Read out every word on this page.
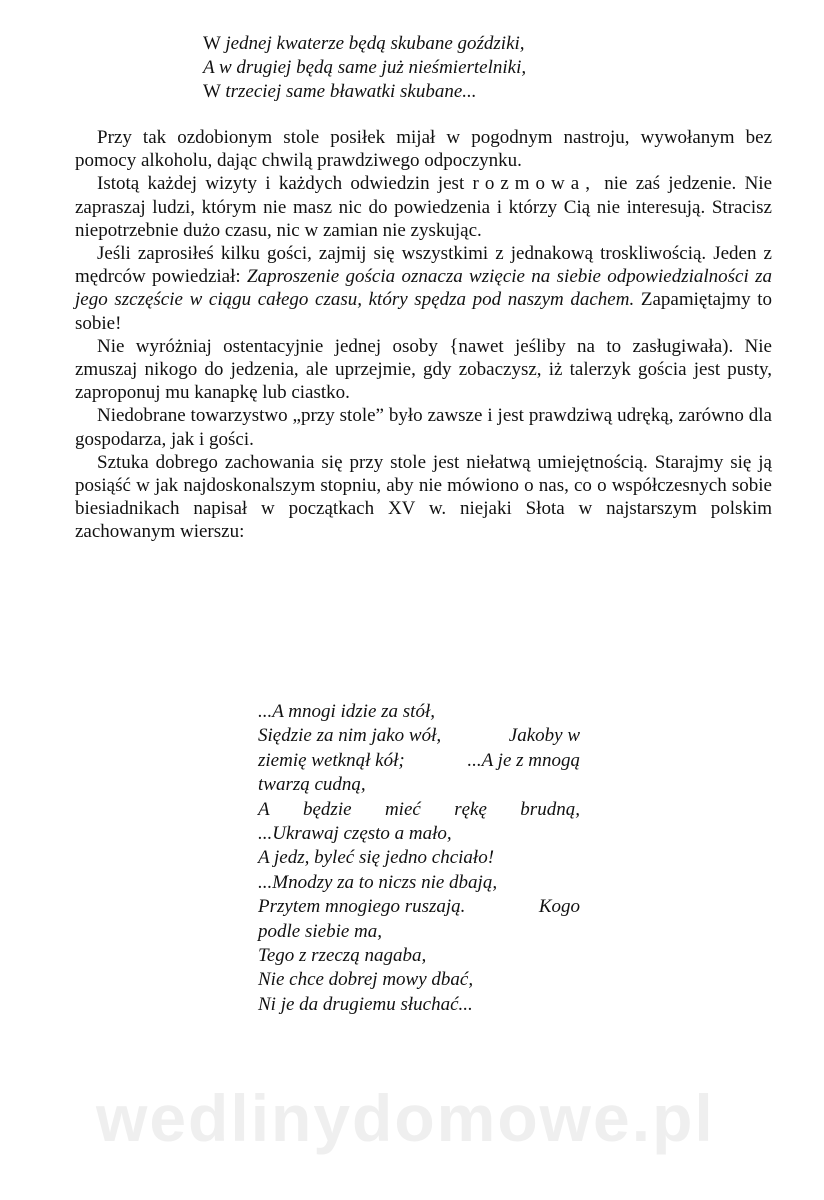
W jednej kwaterze będą skubane goździki,
A w drugiej będą same już nieśmiertelniki,
W trzeciej same bławatki skubane...

Przy tak ozdobionym stole posiłek mijał w pogodnym nastroju, wywołanym bez pomocy alkoholu, dając chwilą prawdziwego odpoczynku.

Istotą każdej wizyty i każdych odwiedzin jest rozmowa, nie zaś jedzenie. Nie zapraszaj ludzi, którym nie masz nic do powiedzenia i którzy Cią nie interesują. Stracisz niepotrzebnie dużo czasu, nic w zamian nie zyskując.

Jeśli zaprosiłeś kilku gości, zajmij się wszystkimi z jednakową troskliwością. Jeden z mędrców powiedział: Zaproszenie gościa oznacza wzięcie na siebie odpowiedzialności za jego szczęście w ciągu całego czasu, który spędza pod naszym dachem. Zapamiętajmy to sobie!

Nie wyróżniaj ostentacyjnie jednej osoby {nawet jeśliby na to zasługiwała). Nie zmuszaj nikogo do jedzenia, ale uprzejmie, gdy zobaczysz, iż talerzyk gościa jest pusty, zaproponuj mu kanapkę lub ciastko.

Niedobrane towarzystwo „przy stole” było zawsze i jest prawdziwą udręką, zarówno dla gospodarza, jak i gości.

Sztuka dobrego zachowania się przy stole jest niełatwą umiejętnością. Starajmy się ją posiąść w jak najdoskonalszym stopniu, aby nie mówiono o nas, co o współczesnych sobie biesiadnikach napisał w początkach XV w. niejaki Słota w najstarszym polskim zachowanym wierszu:

...A mnogi idzie za stół,
Siędzie za nim jako wół,	Jakoby w
ziemię wetknął kół;	...A je z mnogą
twarzą cudną,
A będzie mieć rękę brudną,
...Ukrawaj często a mało,
A jedz, byleć się jedno chciało!
...Mnodzy za to niczs nie dbają,
Przytem mnogiego ruszają.	Kogo
podle siebie ma,
Tego z rzeczą nagaba,
Nie chce dobrej mowy dbać,
Ni je da drugiemu słuchać...
wedlinydomowe.pl
